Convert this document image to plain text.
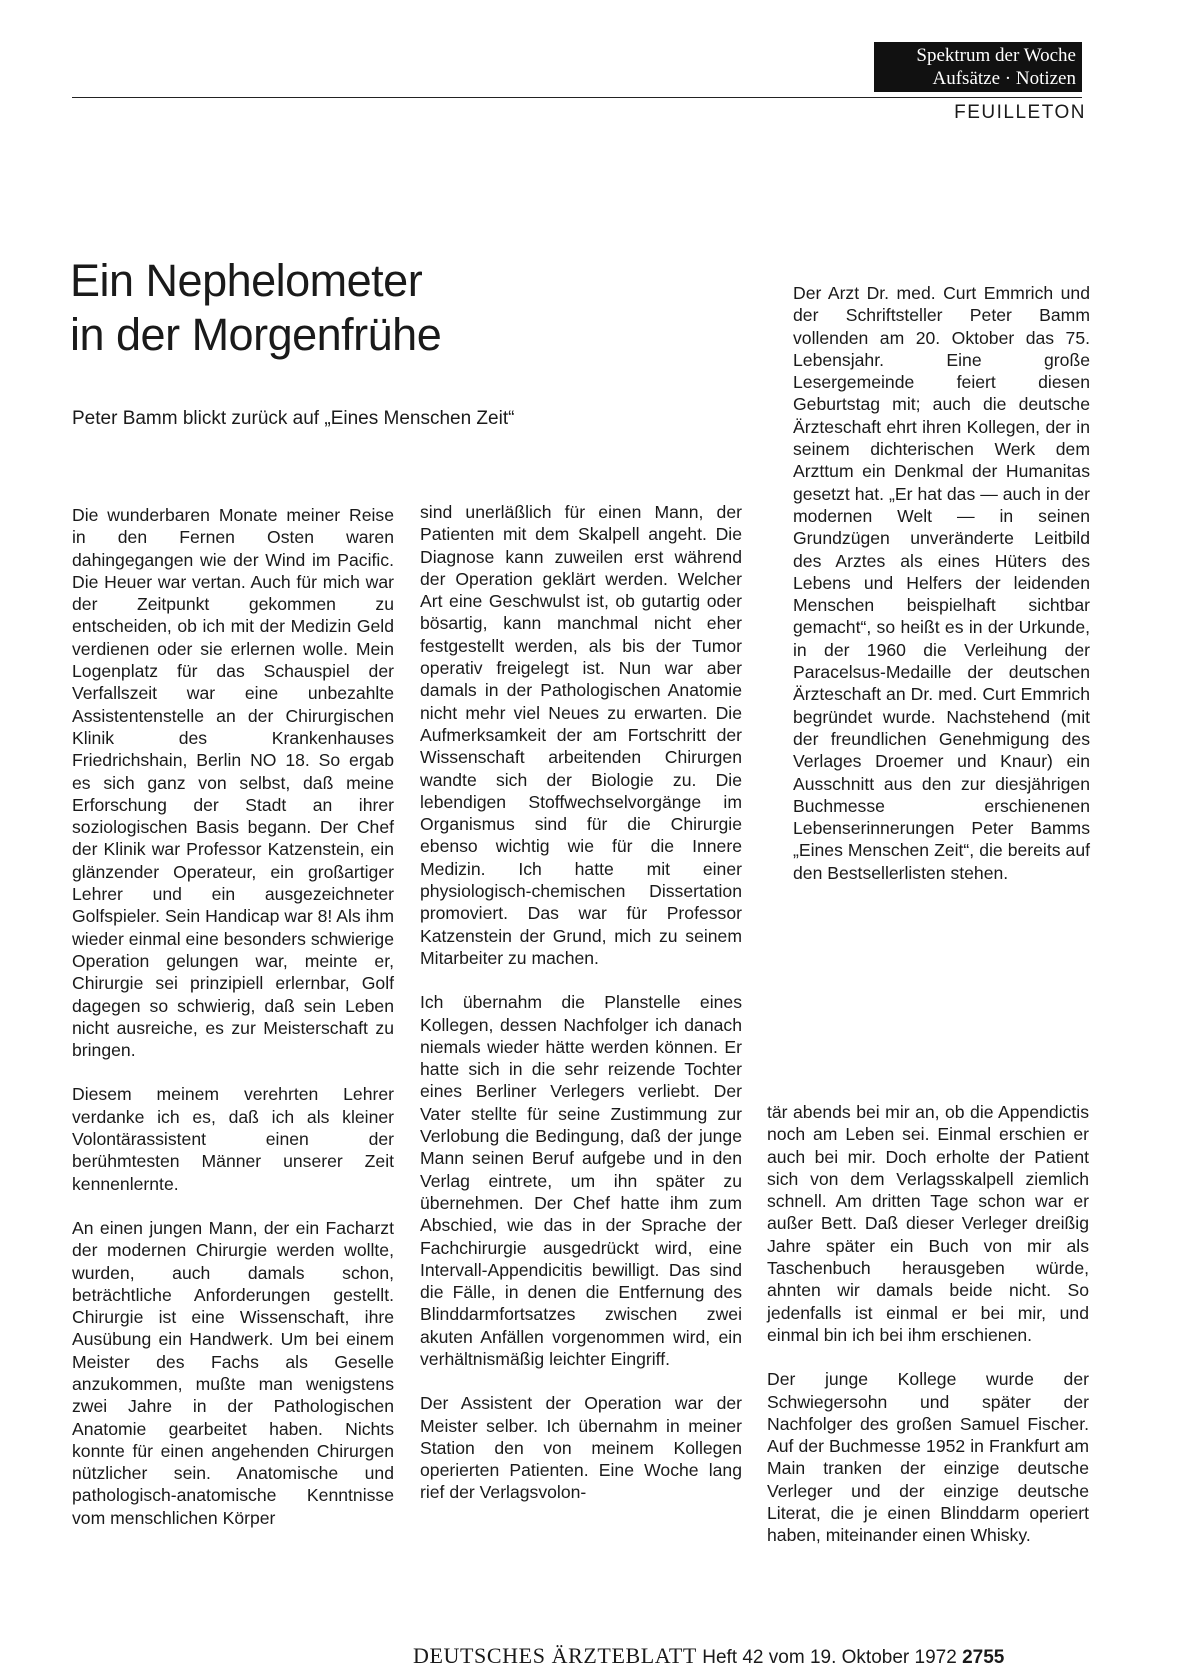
Spektrum der Woche
Aufsätze · Notizen
FEUILLETON
Ein Nephelometer
in der Morgenfrühe
Peter Bamm blickt zurück auf „Eines Menschen Zeit“
Der Arzt Dr. med. Curt Emmrich und der Schriftsteller Peter Bamm vollenden am 20. Oktober das 75. Lebensjahr. Eine große Lesergemeinde feiert diesen Geburtstag mit; auch die deutsche Ärzteschaft ehrt ihren Kollegen, der in seinem dichterischen Werk dem Arzttum ein Denkmal der Humanitas gesetzt hat. „Er hat das — auch in der modernen Welt — in seinen Grundzügen unveränderte Leitbild des Arztes als eines Hüters des Lebens und Helfers der leidenden Menschen beispielhaft sichtbar gemacht“, so heißt es in der Urkunde, in der 1960 die Verleihung der Paracelsus-Medaille der deutschen Ärzteschaft an Dr. med. Curt Emmrich begründet wurde. Nachstehend (mit der freundlichen Genehmigung des Verlages Droemer und Knaur) ein Ausschnitt aus den zur diesjährigen Buchmesse erschienenen Lebenserinnerungen Peter Bamms „Eines Menschen Zeit“, die bereits auf den Bestsellerlisten stehen.

Die wunderbaren Monate meiner Reise in den Fernen Osten waren dahingegangen wie der Wind im Pacific. Die Heuer war vertan. Auch für mich war der Zeitpunkt gekommen zu entscheiden, ob ich mit der Medizin Geld verdienen oder sie erlernen wolle. Mein Logenplatz für das Schauspiel der Verfallszeit war eine unbezahlte Assistentenstelle an der Chirurgischen Klinik des Krankenhauses Friedrichshain, Berlin NO 18. So ergab es sich ganz von selbst, daß meine Erforschung der Stadt an ihrer soziologischen Basis begann. Der Chef der Klinik war Professor Katzenstein, ein glänzender Operateur, ein großartiger Lehrer und ein ausgezeichneter Golfspieler. Sein Handicap war 8! Als ihm wieder einmal eine besonders schwierige Operation gelungen war, meinte er, Chirurgie sei prinzipiell erlernbar, Golf dagegen so schwierig, daß sein Leben nicht ausreiche, es zur Meisterschaft zu bringen.

Diesem meinem verehrten Lehrer verdanke ich es, daß ich als kleiner Volontärassistent einen der berühmtesten Männer unserer Zeit kennenlernte.

An einen jungen Mann, der ein Facharzt der modernen Chirurgie werden wollte, wurden, auch damals schon, beträchtliche Anforderungen gestellt. Chirurgie ist eine Wissenschaft, ihre Ausübung ein Handwerk. Um bei einem Meister des Fachs als Geselle anzukommen, mußte man wenigstens zwei Jahre in der Pathologischen Anatomie gearbeitet haben. Nichts konnte für einen angehenden Chirurgen nützlicher sein. Anatomische und pathologisch-anatomische Kenntnisse vom menschlichen Körper

sind unerläßlich für einen Mann, der Patienten mit dem Skalpell angeht. Die Diagnose kann zuweilen erst während der Operation geklärt werden. Welcher Art eine Geschwulst ist, ob gutartig oder bösartig, kann manchmal nicht eher festgestellt werden, als bis der Tumor operativ freigelegt ist. Nun war aber damals in der Pathologischen Anatomie nicht mehr viel Neues zu erwarten. Die Aufmerksamkeit der am Fortschritt der Wissenschaft arbeitenden Chirurgen wandte sich der Biologie zu. Die lebendigen Stoffwechselvorgänge im Organismus sind für die Chirurgie ebenso wichtig wie für die Innere Medizin. Ich hatte mit einer physiologisch-chemischen Dissertation promoviert. Das war für Professor Katzenstein der Grund, mich zu seinem Mitarbeiter zu machen.

Ich übernahm die Planstelle eines Kollegen, dessen Nachfolger ich danach niemals wieder hätte werden können. Er hatte sich in die sehr reizende Tochter eines Berliner Verlegers verliebt. Der Vater stellte für seine Zustimmung zur Verlobung die Bedingung, daß der junge Mann seinen Beruf aufgebe und in den Verlag eintrete, um ihn später zu übernehmen. Der Chef hatte ihm zum Abschied, wie das in der Sprache der Fachchirurgie ausgedrückt wird, eine Intervall-Appendicitis bewilligt. Das sind die Fälle, in denen die Entfernung des Blinddarmfortsatzes zwischen zwei akuten Anfällen vorgenommen wird, ein verhältnismäßig leichter Eingriff.

Der Assistent der Operation war der Meister selber. Ich übernahm in meiner Station den von meinem Kollegen operierten Patienten. Eine Woche lang rief der Verlagsvolon-

tär abends bei mir an, ob die Appendictis noch am Leben sei. Einmal erschien er auch bei mir. Doch erholte der Patient sich von dem Verlagsskalpell ziemlich schnell. Am dritten Tage schon war er außer Bett. Daß dieser Verleger dreißig Jahre später ein Buch von mir als Taschenbuch herausgeben würde, ahnten wir damals beide nicht. So jedenfalls ist einmal er bei mir, und einmal bin ich bei ihm erschienen.

Der junge Kollege wurde der Schwiegersohn und später der Nachfolger des großen Samuel Fischer. Auf der Buchmesse 1952 in Frankfurt am Main tranken der einzige deutsche Verleger und der einzige deutsche Literat, die je einen Blinddarm operiert haben, miteinander einen Whisky.

DEUTSCHES ÄRZTEBLATT Heft 42 vom 19. Oktober 1972 2755
